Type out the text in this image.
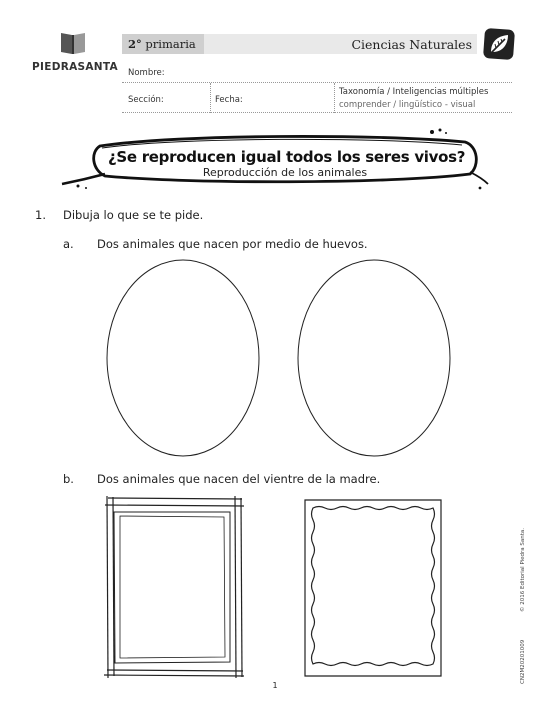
PIEDRASANTA
2° primaria	Ciencias Naturales
Nombre:
Sección:	Fecha:
Taxonomía / Inteligencias múltiples
comprender / lingüístico - visual
¿Se reproducen igual todos los seres vivos?
Reproducción de los animales
1. Dibuja lo que se te pide.
a. Dos animales que nacen por medio de huevos.
b. Dos animales que nacen del vientre de la madre.
© 2016 Editorial Piedra Santa.
CN2M20201009
1
